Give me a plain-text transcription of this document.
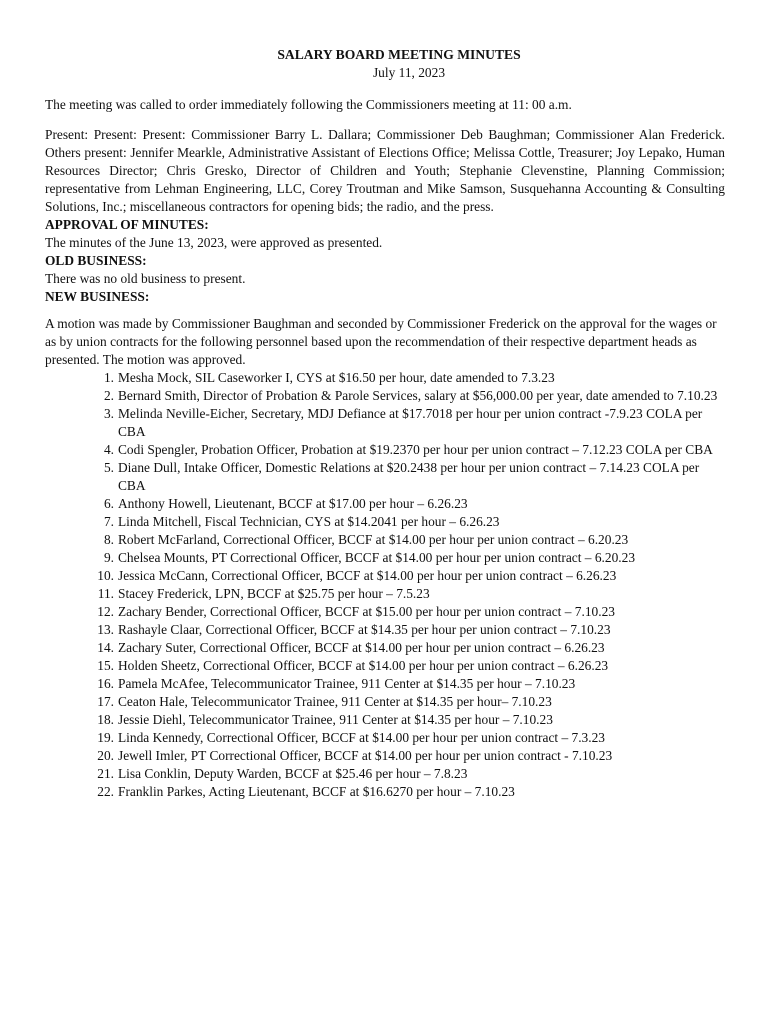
SALARY BOARD MEETING MINUTES

July 11, 2023

The meeting was called to order immediately following the Commissioners meeting at 11: 00 a.m.

Present: Present: Present: Commissioner Barry L. Dallara; Commissioner Deb Baughman; Commissioner Alan Frederick. Others present: Jennifer Mearkle, Administrative Assistant of Elections Office; Melissa Cottle, Treasurer; Joy Lepako, Human Resources Director; Chris Gresko, Director of Children and Youth; Stephanie Clevenstine, Planning Commission; representative from Lehman Engineering, LLC, Corey Troutman and Mike Samson, Susquehanna Accounting & Consulting Solutions, Inc.; miscellaneous contractors for opening bids; the radio, and the press.

APPROVAL OF MINUTES:

The minutes of the June 13, 2023, were approved as presented.

OLD BUSINESS:

There was no old business to present.

NEW BUSINESS:

A motion was made by Commissioner Baughman and seconded by Commissioner Frederick on the approval for the wages or as by union contracts for the following personnel based upon the recommendation of their respective department heads as presented. The motion was approved.

1. Mesha Mock, SIL Caseworker I, CYS at $16.50 per hour, date amended to 7.3.23
2. Bernard Smith, Director of Probation & Parole Services, salary at $56,000.00 per year, date amended to 7.10.23
3. Melinda Neville-Eicher, Secretary, MDJ Defiance at $17.7018 per hour per union contract -7.9.23 COLA per CBA
4. Codi Spengler, Probation Officer, Probation at $19.2370 per hour per union contract – 7.12.23 COLA per CBA
5. Diane Dull, Intake Officer, Domestic Relations at $20.2438 per hour per union contract – 7.14.23 COLA per CBA
6. Anthony Howell, Lieutenant, BCCF at $17.00 per hour – 6.26.23
7. Linda Mitchell, Fiscal Technician, CYS at $14.2041 per hour – 6.26.23
8. Robert McFarland, Correctional Officer, BCCF at $14.00 per hour per union contract – 6.20.23
9. Chelsea Mounts, PT Correctional Officer, BCCF at $14.00 per hour per union contract – 6.20.23
10. Jessica McCann, Correctional Officer, BCCF at $14.00 per hour per union contract – 6.26.23
11. Stacey Frederick, LPN, BCCF at $25.75 per hour – 7.5.23
12. Zachary Bender, Correctional Officer, BCCF at $15.00 per hour per union contract – 7.10.23
13. Rashayle Claar, Correctional Officer, BCCF at $14.35 per hour per union contract – 7.10.23
14. Zachary Suter, Correctional Officer, BCCF at $14.00 per hour per union contract – 6.26.23
15. Holden Sheetz, Correctional Officer, BCCF at $14.00 per hour per union contract – 6.26.23
16. Pamela McAfee, Telecommunicator Trainee, 911 Center at $14.35 per hour – 7.10.23
17. Ceaton Hale, Telecommunicator Trainee, 911 Center at $14.35 per hour– 7.10.23
18. Jessie Diehl, Telecommunicator Trainee, 911 Center at $14.35 per hour – 7.10.23
19. Linda Kennedy, Correctional Officer, BCCF at $14.00 per hour per union contract – 7.3.23
20. Jewell Imler, PT Correctional Officer, BCCF at $14.00 per hour per union contract - 7.10.23
21. Lisa Conklin, Deputy Warden, BCCF at $25.46 per hour – 7.8.23
22. Franklin Parkes, Acting Lieutenant, BCCF at $16.6270 per hour – 7.10.23
